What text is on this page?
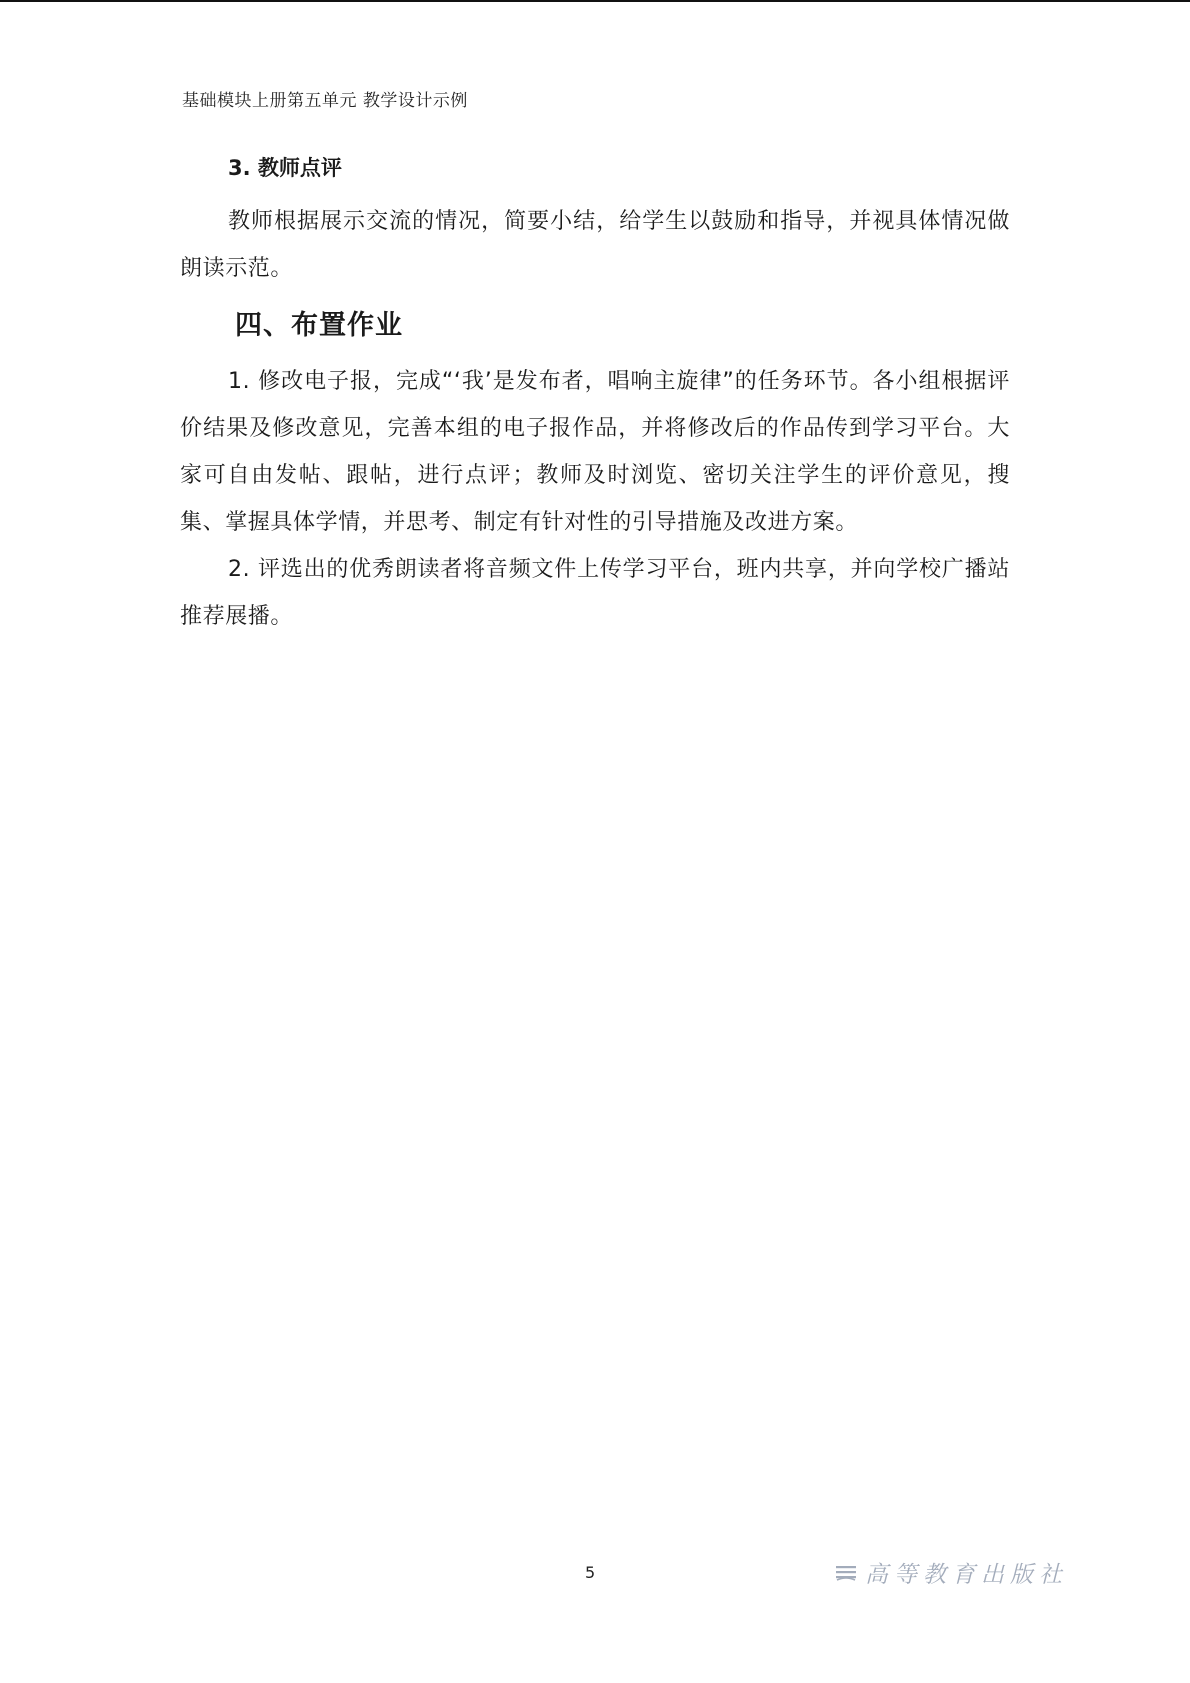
基础模块上册第五单元 教学设计示例
3. 教师点评

教师根据展示交流的情况，简要小结，给学生以鼓励和指导，并视具体情况做朗读示范。

四、布置作业

1. 修改电子报，完成“‘我’是发布者，唱响主旋律”的任务环节。各小组根据评价结果及修改意见，完善本组的电子报作品，并将修改后的作品传到学习平台。大家可自由发帖、跟帖，进行点评；教师及时浏览、密切关注学生的评价意见，搜集、掌握具体学情，并思考、制定有针对性的引导措施及改进方案。

2. 评选出的优秀朗读者将音频文件上传学习平台，班内共享，并向学校广播站推荐展播。

5	高等教育出版社
